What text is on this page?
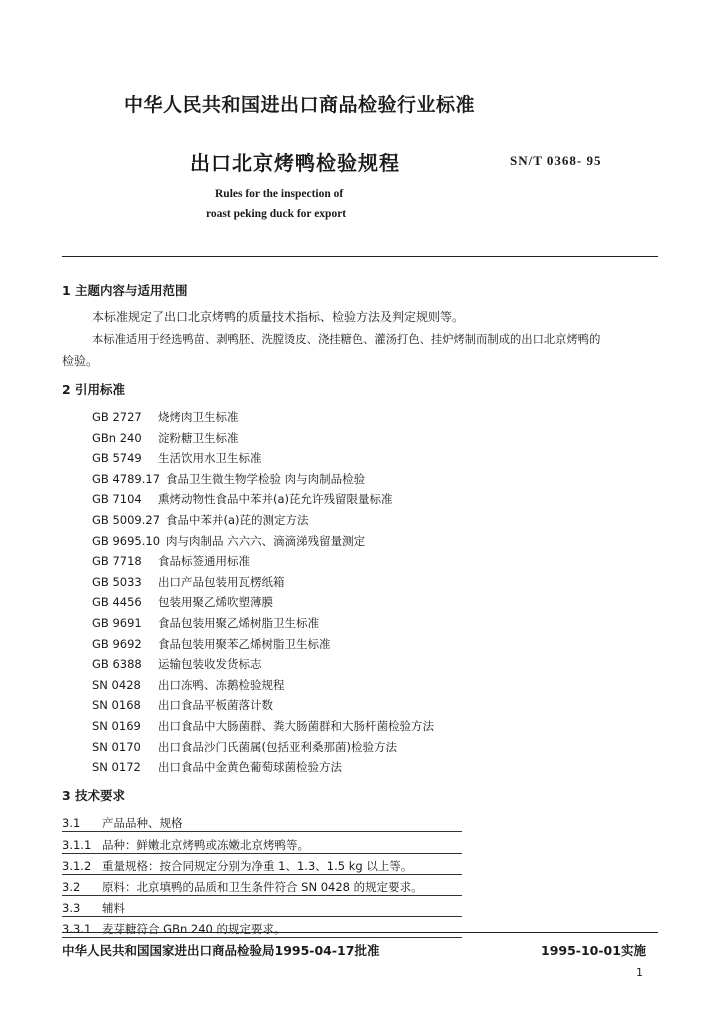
中华人民共和国进出口商品检验行业标准
出口北京烤鸭检验规程	SN/T 0368- 95
Rules for the inspection of
roast peking duck for export
1 主题内容与适用范围
本标准规定了出口北京烤鸭的质量技术指标、检验方法及判定规则等。
本标准适用于经选鸭苗、剥鸭胚、洗膛烫皮、浇挂糖色、灌汤打色、挂炉烤制而制成的出口北京烤鸭的
检验。
2 引用标准
GB 2727 烧烤肉卫生标准
GBn 240 淀粉糖卫生标准
GB 5749 生活饮用水卫生标准
GB 4789.17 食品卫生微生物学检验 肉与肉制品检验
GB 7104 熏烤动物性食品中苯并(a)芘允许残留限量标准
GB 5009.27 食品中苯并(a)芘的测定方法
GB 9695.10 肉与肉制品 六六六、滴滴涕残留量测定
GB 7718 食品标签通用标准
GB 5033 出口产品包装用瓦楞纸箱
GB 4456 包装用聚乙烯吹塑薄膜
GB 9691 食品包装用聚乙烯树脂卫生标准
GB 9692 食品包装用聚苯乙烯树脂卫生标准
GB 6388 运输包装收发货标志
SN 0428 出口冻鸭、冻鹅检验规程
SN 0168 出口食品平板菌落计数
SN 0169 出口食品中大肠菌群、粪大肠菌群和大肠杆菌检验方法
SN 0170 出口食品沙门氏菌属(包括亚利桑那菌)检验方法
SN 0172 出口食品中金黄色葡萄球菌检验方法
3 技术要求
3.1 产品品种、规格
3.1.1 品种：鲜嫩北京烤鸭或冻嫩北京烤鸭等。
3.1.2 重量规格：按合同规定分别为净重 1、1.3、1.5 kg 以上等。
3.2 原料：北京填鸭的品质和卫生条件符合 SN 0428 的规定要求。
3.3 辅料
3.3.1 麦芽糖符合 GBn 240 的规定要求。
中华人民共和国国家进出口商品检验局1995-04-17批准	1995-10-01实施
1
